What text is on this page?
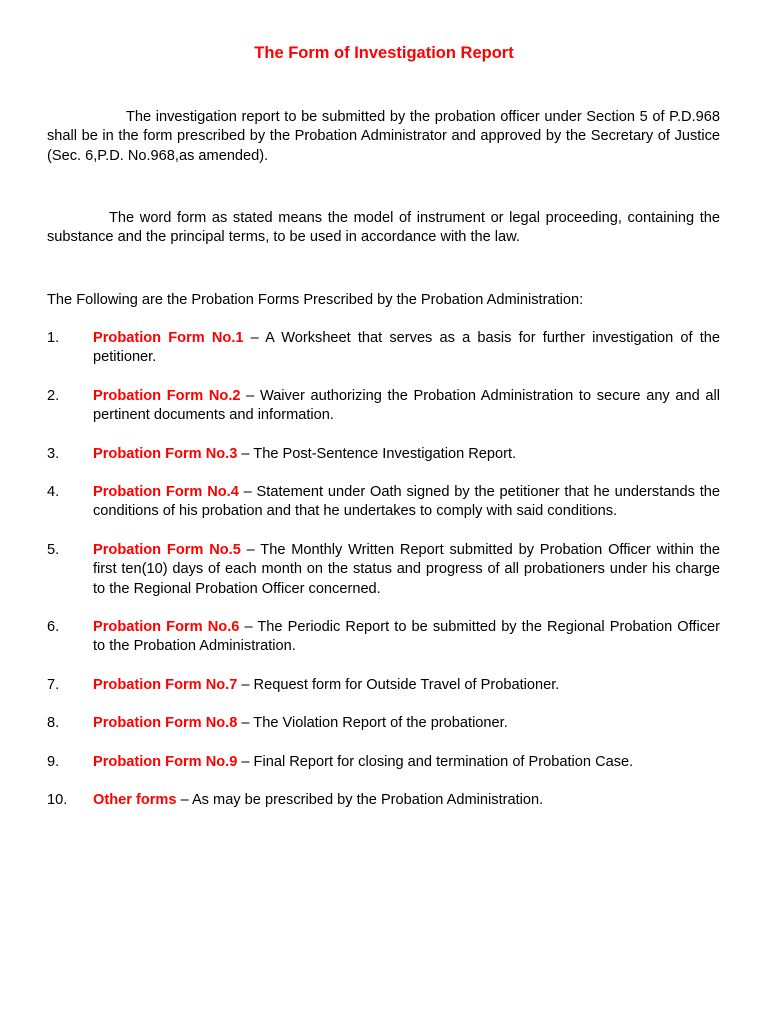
The Form of Investigation Report

The investigation report to be submitted by the probation officer under Section 5 of P.D.968 shall be in the form prescribed by the Probation Administrator and approved by the Secretary of Justice (Sec. 6,P.D. No.968,as amended).

The word form as stated means the model of instrument or legal proceeding, containing the substance and the principal terms, to be used in accordance with the law.

The Following are the Probation Forms Prescribed by the Probation Administration:

1.	Probation Form No.1 – A Worksheet that serves as a basis for further investigation of the petitioner.
2.	Probation Form No.2 – Waiver authorizing the Probation Administration to secure any and all pertinent documents and information.
3.	Probation Form No.3 – The Post-Sentence Investigation Report.
4.	Probation Form No.4 – Statement under Oath signed by the petitioner that he understands the conditions of his probation and that he undertakes to comply with said conditions.
5.	Probation Form No.5 – The Monthly Written Report submitted by Probation Officer within the first ten(10) days of each month on the status and progress of all probationers under his charge to the Regional Probation Officer concerned.
6.	Probation Form No.6 – The Periodic Report to be submitted by the Regional Probation Officer to the Probation Administration.
7.	Probation Form No.7 – Request form for Outside Travel of Probationer.
8.	Probation Form No.8 – The Violation Report of the probationer.
9.	Probation Form No.9 – Final Report for closing and termination of Probation Case.
10.	Other forms – As may be prescribed by the Probation Administration.
